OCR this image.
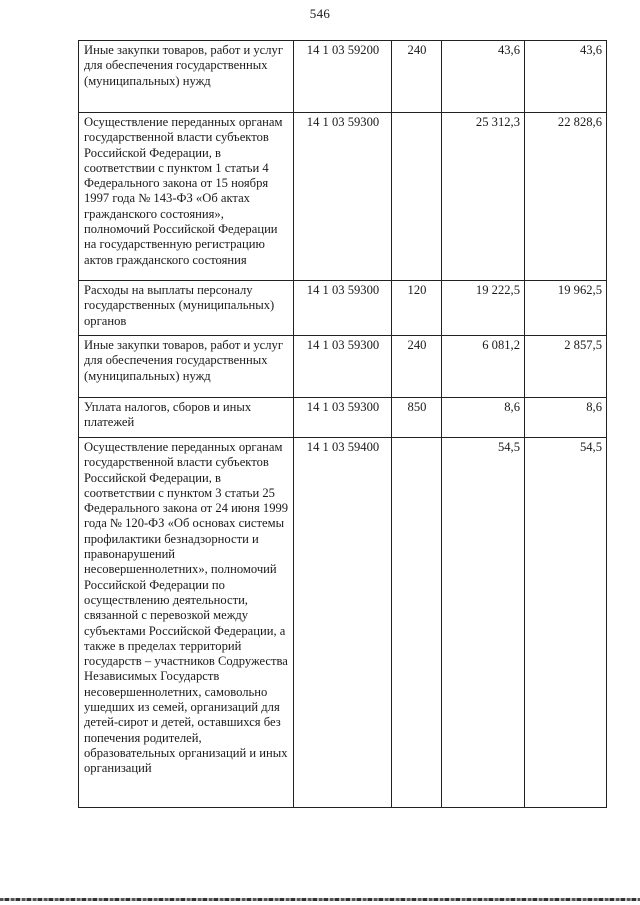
546
Иные закупки товаров, работ и услуг для обеспечения государственных (муниципальных) нужд	14 1 03 59200	240	43,6	43,6
Осуществление переданных органам государственной власти субъектов Российской Федерации, в соответствии с пунктом 1 статьи 4 Федерального закона от 15 ноября 1997 года № 143-ФЗ «Об актах гражданского состояния», полномочий Российской Федерации на государственную регистрацию актов гражданского состояния	14 1 03 59300		25 312,3	22 828,6
Расходы на выплаты персоналу государственных (муниципальных) органов	14 1 03 59300	120	19 222,5	19 962,5
Иные закупки товаров, работ и услуг для обеспечения государственных (муниципальных) нужд	14 1 03 59300	240	6 081,2	2 857,5
Уплата налогов, сборов и иных платежей	14 1 03 59300	850	8,6	8,6
Осуществление переданных органам государственной власти субъектов Российской Федерации, в соответствии с пунктом 3 статьи 25 Федерального закона от 24 июня 1999 года № 120-ФЗ «Об основах системы профилактики безнадзорности и правонарушений несовершеннолетних», полномочий Российской Федерации по осуществлению деятельности, связанной с перевозкой между субъектами Российской Федерации, а также в пределах территорий государств – участников Содружества Независимых Государств несовершеннолетних, самовольно ушедших из семей, организаций для детей-сирот и детей, оставшихся без попечения родителей, образовательных организаций и иных организаций	14 1 03 59400		54,5	54,5
